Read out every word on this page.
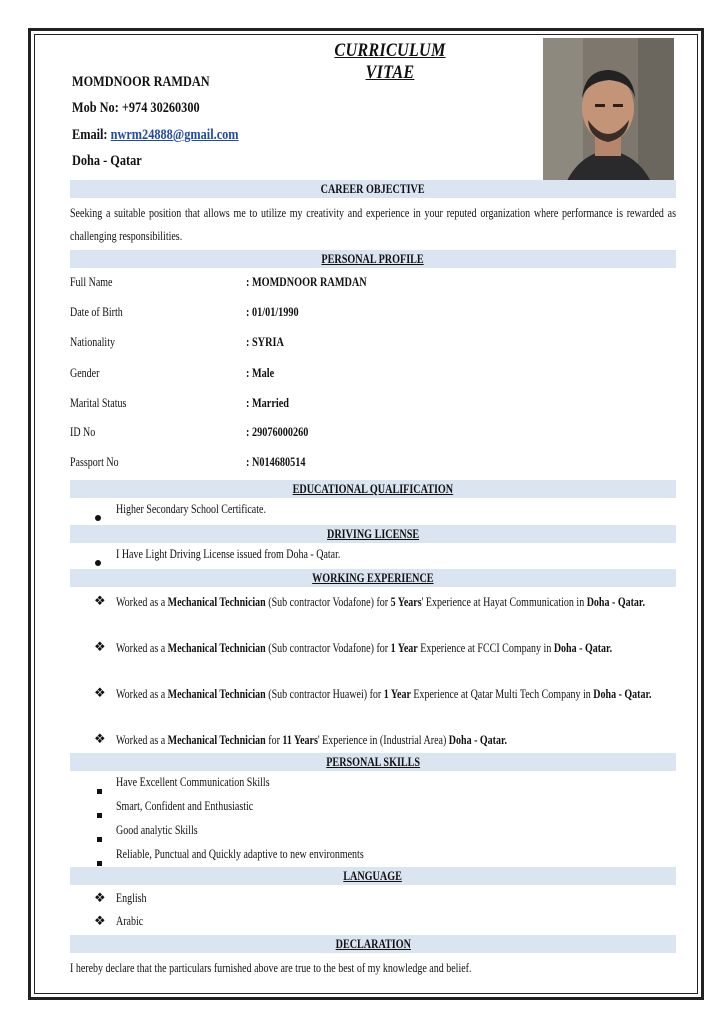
CURRICULUM VITAE
MOMDNOOR RAMDAN
Mob No: +974 30260300
Email: nwrm24888@gmail.com
Doha - Qatar
CAREER OBJECTIVE
Seeking a suitable position that allows me to utilize my creativity and experience in your reputed organization where performance is rewarded as challenging responsibilities.
PERSONAL PROFILE
Full Name	: MOMDNOOR RAMDAN
Date of Birth	: 01/01/1990
Nationality	: SYRIA
Gender	: Male
Marital Status	: Married
ID No	: 29076000260
Passport No	: N014680514
EDUCATIONAL QUALIFICATION
Higher Secondary School Certificate.
DRIVING LICENSE
I Have Light Driving License issued from Doha - Qatar.
WORKING EXPERIENCE
❖ Worked as a Mechanical Technician (Sub contractor Vodafone) for 5 Years' Experience at Hayat Communication in Doha - Qatar.
❖ Worked as a Mechanical Technician (Sub contractor Vodafone) for 1 Year Experience at FCCI Company in Doha - Qatar.
❖ Worked as a Mechanical Technician (Sub contractor Huawei) for 1 Year Experience at Qatar Multi Tech Company in Doha - Qatar.
❖ Worked as a Mechanical Technician for 11 Years' Experience in (Industrial Area) Doha - Qatar.
PERSONAL SKILLS
Have Excellent Communication Skills
Smart, Confident and Enthusiastic
Good analytic Skills
Reliable, Punctual and Quickly adaptive to new environments
LANGUAGE
❖ English
❖ Arabic
DECLARATION
I hereby declare that the particulars furnished above are true to the best of my knowledge and belief.
